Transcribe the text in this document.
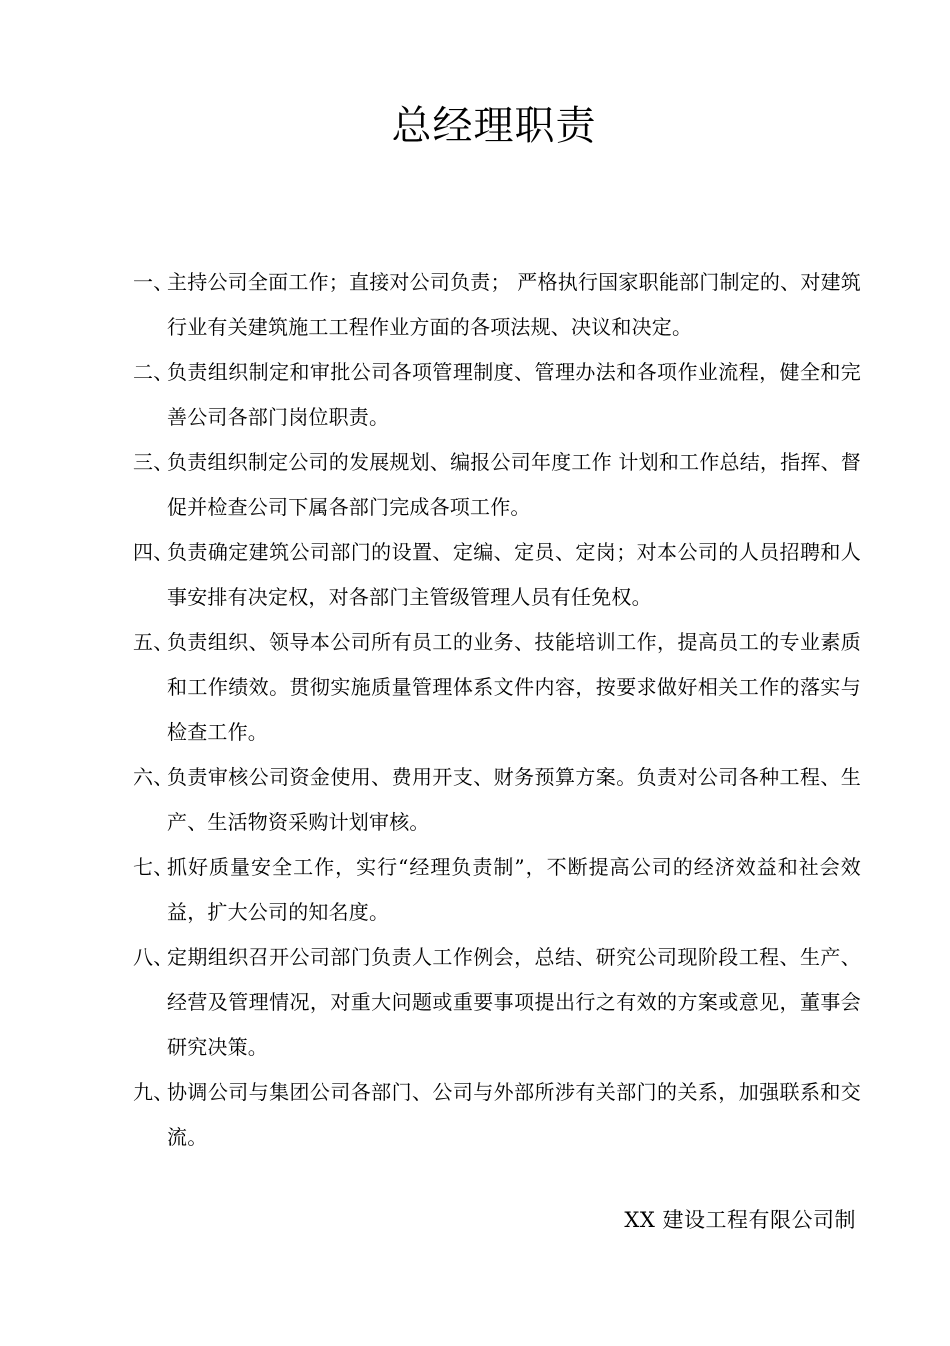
总经理职责
一、
主持公司全面工作；直接对公司负责； 严格执行国家职能部门制定的、对建筑行业有关建筑施工工程作业方面的各项法规、决议和决定。
二、
负责组织制定和审批公司各项管理制度、管理办法和各项作业流程，健全和完善公司各部门岗位职责。
三、
负责组织制定公司的发展规划、编报公司年度工作 计划和工作总结，指挥、督促并检查公司下属各部门完成各项工作。
四、
负责确定建筑公司部门的设置、定编、定员、定岗；对本公司的人员招聘和人事安排有决定权，对各部门主管级管理人员有任免权。
五、
负责组织、领导本公司所有员工的业务、技能培训工作，提高员工的专业素质和工作绩效。贯彻实施质量管理体系文件内容，按要求做好相关工作的落实与检查工作。
六、
负责审核公司资金使用、费用开支、财务预算方案。负责对公司各种工程、生产、生活物资采购计划审核。
七、
抓好质量安全工作，实行“经理负责制”，不断提高公司的经济效益和社会效益，扩大公司的知名度。
八、
定期组织召开公司部门负责人工作例会，总结、研究公司现阶段工程、生产、经营及管理情况，对重大问题或重要事项提出行之有效的方案或意见，董事会研究决策。
九、
协调公司与集团公司各部门、公司与外部所涉有关部门的关系，加强联系和交流。
XX 建设工程有限公司制
